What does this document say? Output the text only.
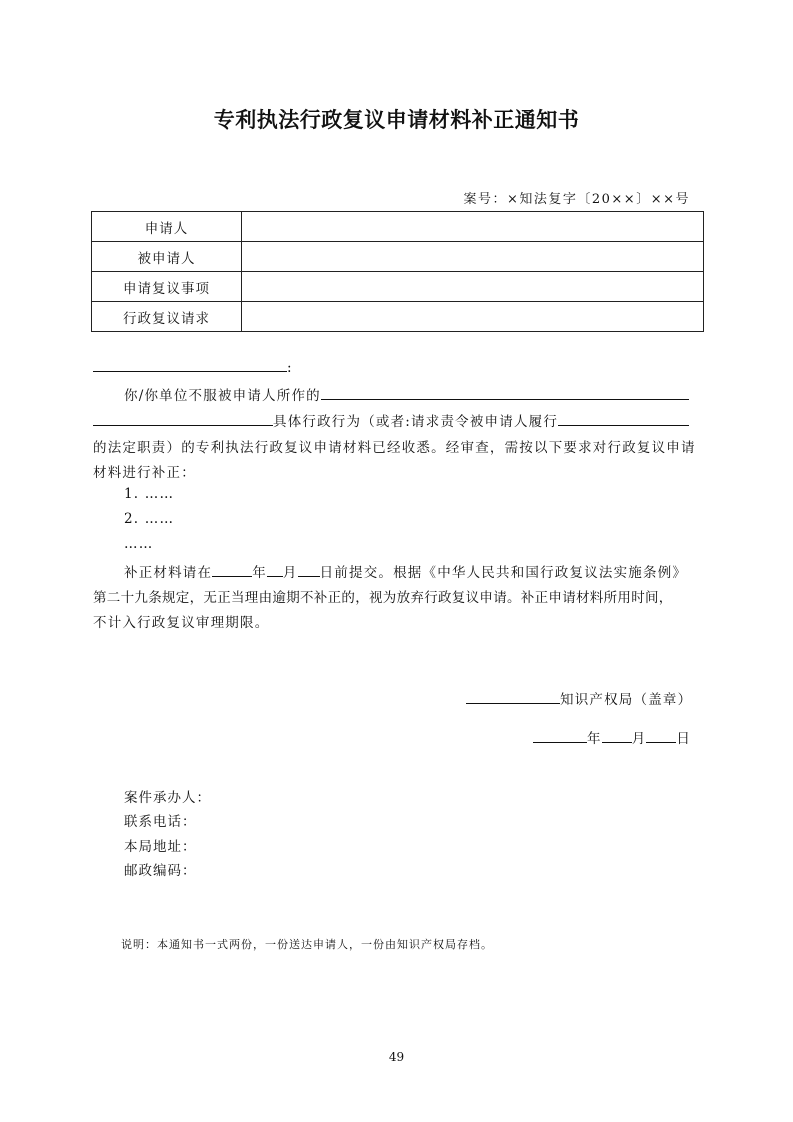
专利执法行政复议申请材料补正通知书
案号：×知法复字〔20××〕××号
申请人	
被申请人	
申请复议事项	
行政复议请求	
:
你/你单位不服被申请人所作的
具体行政行为（或者:请求责令被申请人履行
的法定职责）的专利执法行政复议申请材料已经收悉。经审查，需按以下要求对行政复议申请
材料进行补正：
1. ……
2. ……
……
补正材料请在	年 月 日前提交。根据《中华人民共和国行政复议法实施条例》
第二十九条规定，无正当理由逾期不补正的，视为放弃行政复议申请。补正申请材料所用时间，
不计入行政复议审理期限。
知识产权局（盖章）
年 月 日
案件承办人：
联系电话：
本局地址：
邮政编码：
说明：本通知书一式两份，一份送达申请人，一份由知识产权局存档。
49
